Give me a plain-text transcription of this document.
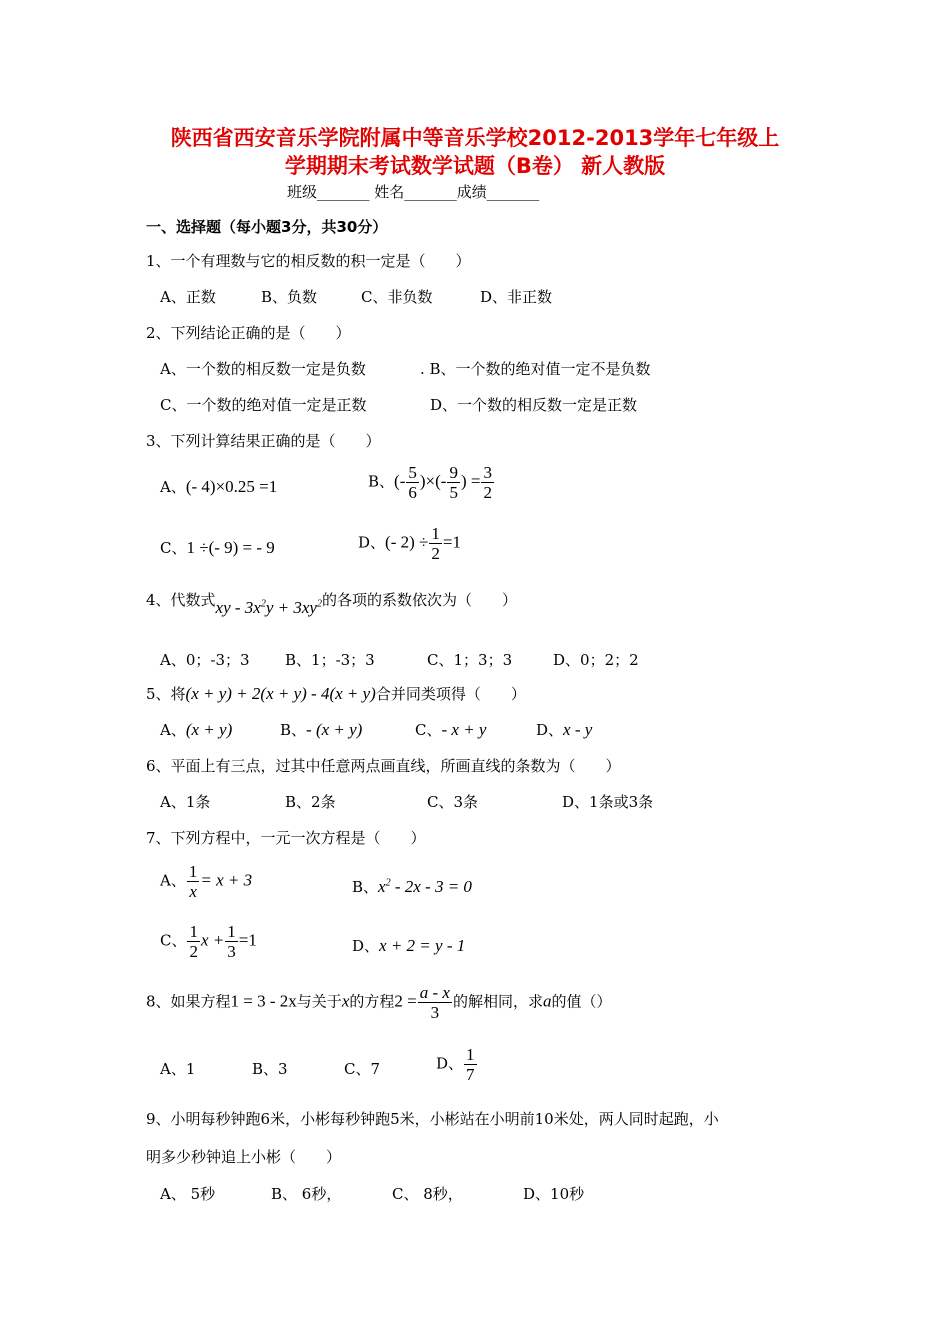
陕西省西安音乐学院附属中等音乐学校2012-2013学年七年级上
学期期末考试数学试题（B卷） 新人教版
班级_______ 姓名_______成绩_______
一、选择题（每小题3分，共30分）
1、一个有理数与它的相反数的积一定是（　　）
A、正数	B、负数	C、非负数	D、非正数
2、下列结论正确的是（　　）
A、一个数的相反数一定是负数	. B、一个数的绝对值一定不是负数
C、一个数的绝对值一定是正数	D、一个数的相反数一定是正数
3、下列计算结果正确的是（　　）
A、(- 4)×0.25 =1	B、(- $\frac{5}{6}$ )×(- $\frac{9}{5}$ ) = $\frac{3}{2}$
C、1 ÷(- 9) = - 9	D、(- $2) \div \frac{1}{2} =1$
4、代数式xy - $3x^2y + 3xy^2$的各项的系数依次为（　　）
A、0；-3；3 B、1；-3；3	C、1；3；3	D、0；2；2
5、将(x + y) + 2(x + y) - 4(x + y)合并同类项得（　　）
A、(x + y)	B、- (x + y)	C、- x + y	D、x - y
6、平面上有三点，过其中任意两点画直线，所画直线的条数为（　　）
A、1条	B、2条	C、3条	D、1条或3条
7、下列方程中，一元一次方程是（　　）
A、 $\frac{1}{x} = x + 3$	B、$x^2 - 2x - 3 = 0$
C、 $\frac{1}{2}$ $x + \frac{1}{3} =1$	D、x + 2 = y - 1
8、如果方程1 = 3 - 2x与关于x的方程$2 = \frac{a - x}{3}$ 的解相同，求a的值（）
A、1	B、3	C、7	D、 $\frac{1}{7}$
9、小明每秒钟跑6米，小彬每秒钟跑5米，小彬站在小明前10米处，两人同时起跑，小
明多少秒钟追上小彬（　　）
A、 5秒	B、 6秒，	C、 8秒，	D、10秒
